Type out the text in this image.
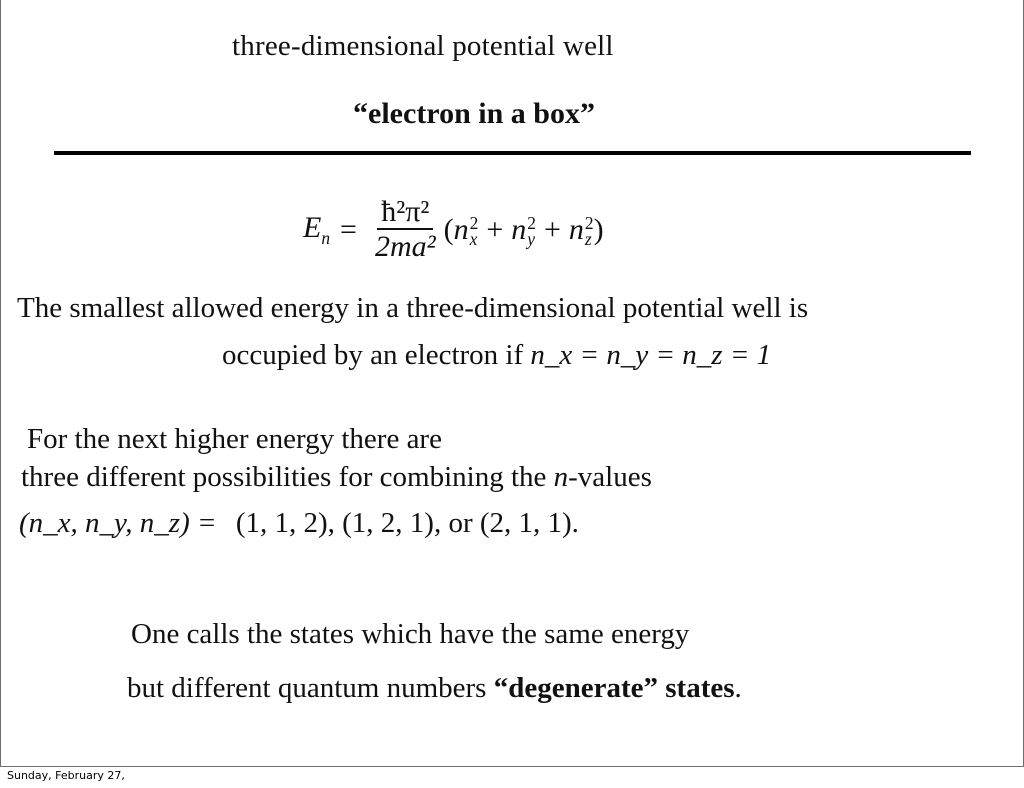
three-dimensional potential well
“electron in a box”
$E_n = \frac{\text{ħ²π²}}{\text{2ma²}}$ ( n 2
x + n 2
y + n 2
z )
The smallest allowed energy in a three-dimensional potential well is
occupied by an electron if n_x = n_y = n_z = 1
For the next higher energy there are
three different possibilities for combining the n-values
(n_x, n_y, n_z) = (1, 1, 2), (1, 2, 1), or (2, 1, 1).
One calls the states which have the same energy
but different quantum numbers “degenerate” states.
Sunday, February 27,
